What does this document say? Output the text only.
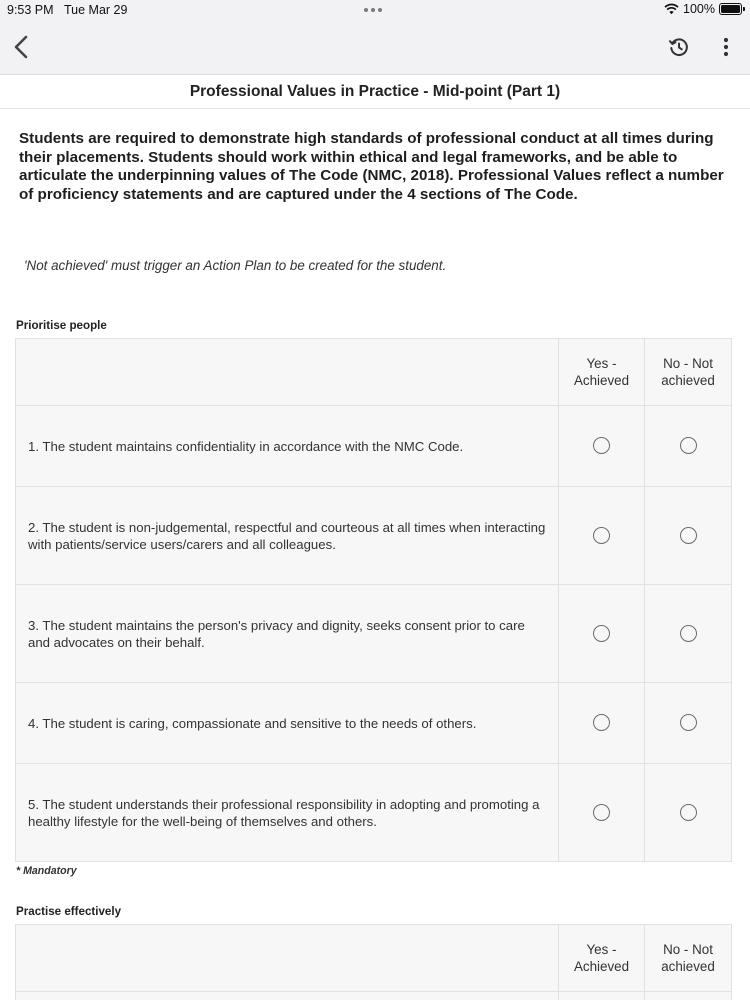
9:53 PM Tue Mar 29	100%
Professional Values in Practice - Mid-point (Part 1)
Students are required to demonstrate high standards of professional conduct at all times during their placements. Students should work within ethical and legal frameworks, and be able to articulate the underpinning values of The Code (NMC, 2018). Professional Values reflect a number of proficiency statements and are captured under the 4 sections of The Code.
'Not achieved' must trigger an Action Plan to be created for the student.
Prioritise people
	Yes - Achieved	No - Not achieved
1. The student maintains confidentiality in accordance with the NMC Code.		
2. The student is non-judgemental, respectful and courteous at all times when interacting with patients/service users/carers and all colleagues.		
3. The student maintains the person's privacy and dignity, seeks consent prior to care and advocates on their behalf.		
4. The student is caring, compassionate and sensitive to the needs of others.		
5. The student understands their professional responsibility in adopting and promoting a healthy lifestyle for the well-being of themselves and others.		
* Mandatory
Practise effectively
	Yes - Achieved	No - Not achieved
